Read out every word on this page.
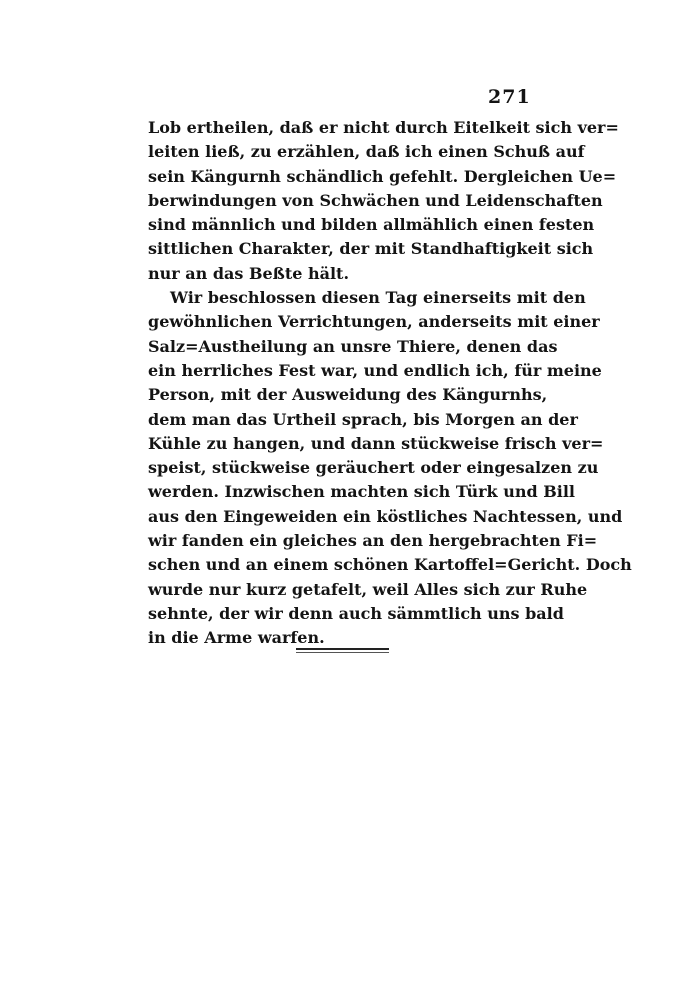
271
Lob ertheilen, daß er nicht durch Eitelkeit sich ver=
leiten ließ, zu erzählen, daß ich einen Schuß auf
sein Kängurnh schändlich gefehlt. Dergleichen Ue=
berwindungen von Schwächen und Leidenschaften
sind männlich und bilden allmählich einen festen
sittlichen Charakter, der mit Standhaftigkeit sich
nur an das Beßte hält.
Wir beschlossen diesen Tag einerseits mit den
gewöhnlichen Verrichtungen, anderseits mit einer
Salz=Austheilung an unsre Thiere, denen das
ein herrliches Fest war, und endlich ich, für meine
Person, mit der Ausweidung des Kängurnhs,
dem man das Urtheil sprach, bis Morgen an der
Kühle zu hangen, und dann stückweise frisch ver=
speist, stückweise geräuchert oder eingesalzen zu
werden. Inzwischen machten sich Türk und Bill
aus den Eingeweiden ein köstliches Nachtessen, und
wir fanden ein gleiches an den hergebrachten Fi=
schen und an einem schönen Kartoffel=Gericht. Doch
wurde nur kurz getafelt, weil Alles sich zur Ruhe
sehnte, der wir denn auch sämmtlich uns bald
in die Arme warfen.
